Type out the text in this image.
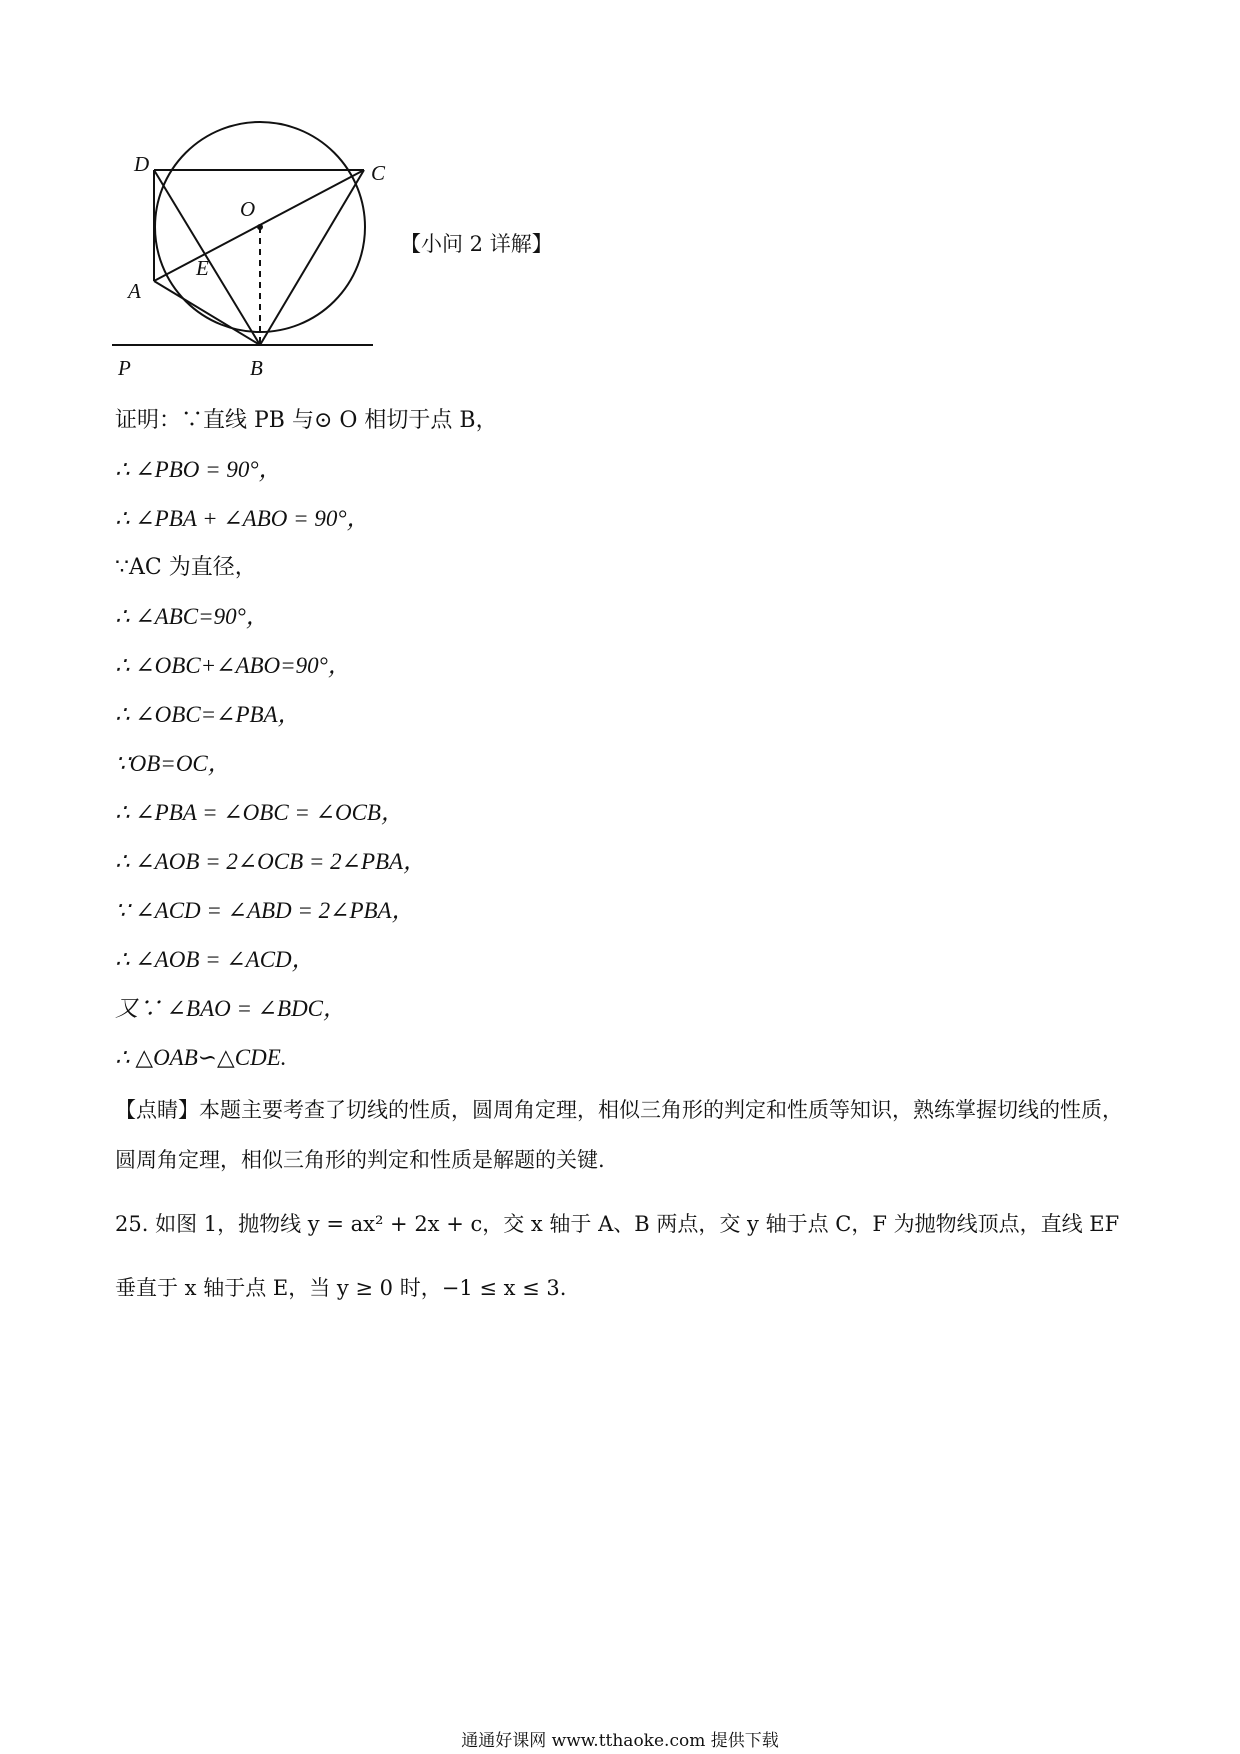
D	C
O
E
A
P	B
【小问 2 详解】
证明：∵直线 PB 与⊙ O 相切于点 B，
∴ ∠PBO = 90°，
∴ ∠PBA + ∠ABO = 90°，
∵AC 为直径，
∴ ∠ABC=90°，
∴ ∠OBC+∠ABO=90°，
∴ ∠OBC=∠PBA，
∵OB=OC，
∴ ∠PBA = ∠OBC = ∠OCB，
∴ ∠AOB = 2∠OCB = 2∠PBA，
∵ ∠ACD = ∠ABD = 2∠PBA，
∴ ∠AOB = ∠ACD，
又∵ ∠BAO = ∠BDC，
∴ △OAB∽△CDE.
【点睛】本题主要考查了切线的性质，圆周角定理，相似三角形的判定和性质等知识，熟练掌握切线的性质，圆周角定理，相似三角形的判定和性质是解题的关键.
25. 如图 1，抛物线 y = ax² + 2x + c，交 x 轴于 A、B 两点，交 y 轴于点 C，F 为抛物线顶点，直线 EF 垂直于 x 轴于点 E，当 y ≥ 0 时，−1 ≤ x ≤ 3.
通通好课网 www.tthaoke.com 提供下载
